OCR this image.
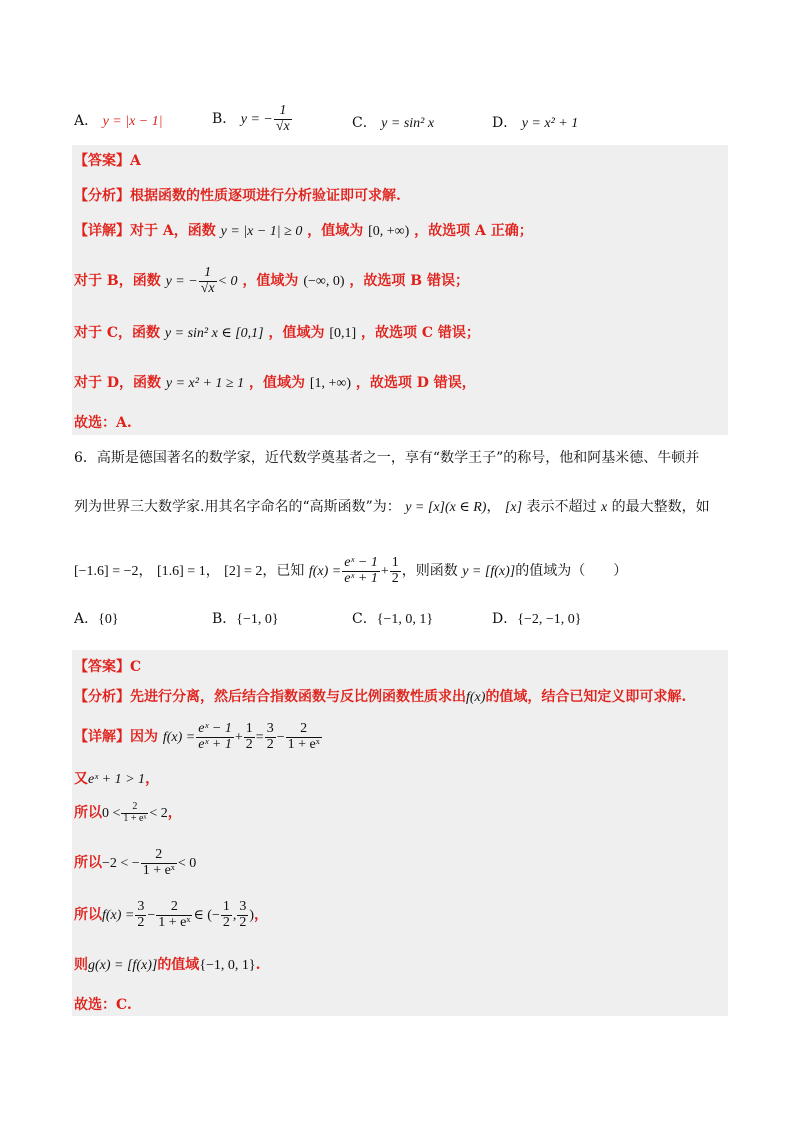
A． y = |x − 1|	B． y = − $\frac{1}{√x}$	C． y = sin² x	D． y = x² + 1
【答案】A
【分析】根据函数的性质逐项进行分析验证即可求解.
【详解】对于 A，函数 y = |x − 1| ≥ 0 ，值域为 [0, +∞) ，故选项 A 正确；
对于 B，函数 y = − $\frac{1}{√x} < 0$ ，值域为 (−∞, 0) ，故选项 B 错误；
对于 C，函数 y = sin² x ∈ [0,1] ，值域为 [0,1] ，故选项 C 错误；
对于 D，函数 y = x² + 1 ≥ 1 ，值域为 [1, +∞) ，故选项 D 错误，
故选：A.
6．高斯是德国著名的数学家，近代数学奠基者之一，享有“数学王子”的称号，他和阿基米德、牛顿并
列为世界三大数学家.用其名字命名的“高斯函数”为： y = [x](x ∈ R)， [x] 表示不超过 x 的最大整数，如
[−1.6] = −2， [1.6] = 1， [2] = 2，已知 $f(x) = \frac{\text{eˣ − 1}}{\text{eˣ + 1}} + \frac{1}{2}$ ，则函数 y = [f(x)]的值域为（　　）
A．{0}	B．{−1, 0}	C．{−1, 0, 1}	D．{−2, −1, 0}
【答案】C
【分析】先进行分离，然后结合指数函数与反比例函数性质求出f(x)的值域，结合已知定义即可求解.
【详解】因为 $f(x) = \frac{\text{eˣ − 1}}{\text{eˣ + 1}} + \frac{1}{2} = \frac{3}{2} - \frac{2}{\text{1 + eˣ}}$
又eˣ + 1 > 1，
所以$0 < \frac{2}{\text{1 + eˣ}} < 2$，
所以−2 < − $\frac{2}{\text{1 + eˣ}} < 0$
所以$f(x) = \frac{3}{2} - \frac{2}{\text{1 + eˣ}}$ ∈ (− $\frac{1}{2}$ , $\frac{3}{2}$ )，
则g(x) = [f(x)]的值域{−1, 0, 1}.
故选：C.
